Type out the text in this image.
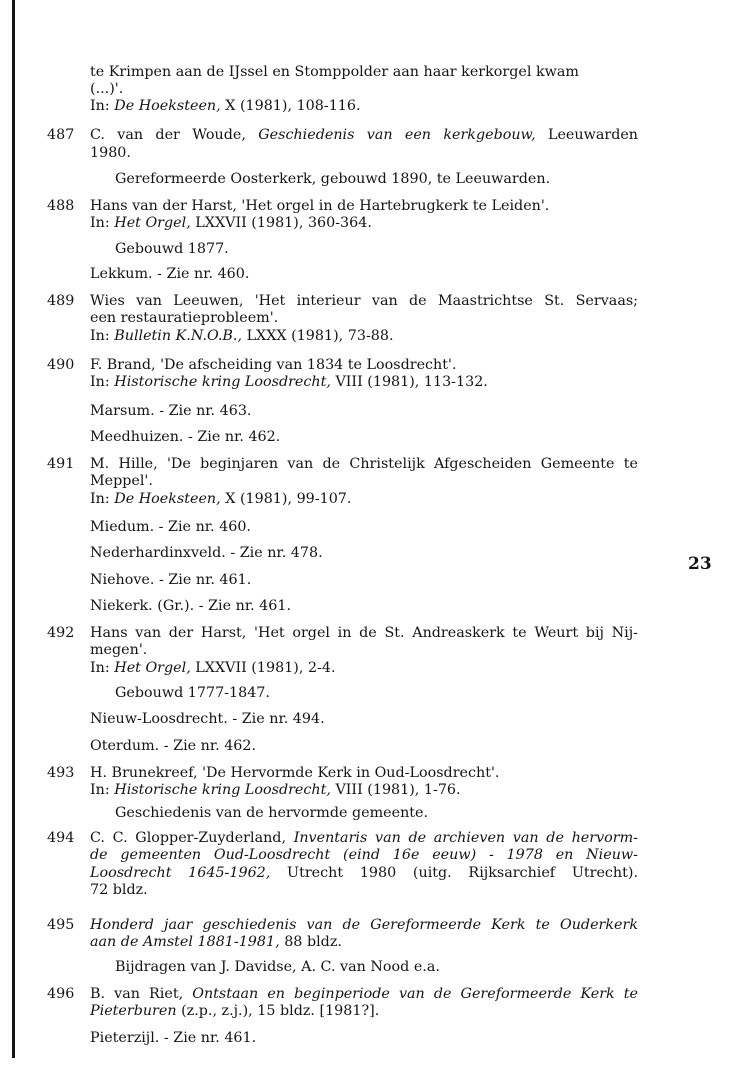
23
te Krimpen aan de IJssel en Stomppolder aan haar kerkorgel kwam
(...)'.
In: De Hoeksteen, X (1981), 108-116.
487 C. van der Woude, Geschiedenis van een kerkgebouw, Leeuwarden
1980.
Gereformeerde Oosterkerk, gebouwd 1890, te Leeuwarden.
488 Hans van der Harst, 'Het orgel in de Hartebrugkerk te Leiden'.
In: Het Orgel, LXXVII (1981), 360-364.
Gebouwd 1877.
Lekkum. - Zie nr. 460.
489 Wies van Leeuwen, 'Het interieur van de Maastrichtse St. Servaas;
een restauratieprobleem'.
In: Bulletin K.N.O.B., LXXX (1981), 73-88.
490 F. Brand, 'De afscheiding van 1834 te Loosdrecht'.
In: Historische kring Loosdrecht, VIII (1981), 113-132.
Marsum. - Zie nr. 463.
Meedhuizen. - Zie nr. 462.
491 M. Hille, 'De beginjaren van de Christelijk Afgescheiden Gemeente te
Meppel'.
In: De Hoeksteen, X (1981), 99-107.
Miedum. - Zie nr. 460.
Nederhardinxveld. - Zie nr. 478.
Niehove. - Zie nr. 461.
Niekerk. (Gr.). - Zie nr. 461.
492 Hans van der Harst, 'Het orgel in de St. Andreaskerk te Weurt bij Nij-
megen'.
In: Het Orgel, LXXVII (1981), 2-4.
Gebouwd 1777-1847.
Nieuw-Loosdrecht. - Zie nr. 494.
Oterdum. - Zie nr. 462.
493 H. Brunekreef, 'De Hervormde Kerk in Oud-Loosdrecht'.
In: Historische kring Loosdrecht, VIII (1981), 1-76.
Geschiedenis van de hervormde gemeente.
494 C. C. Glopper-Zuyderland, Inventaris van de archieven van de hervorm-
de gemeenten Oud-Loosdrecht (eind 16e eeuw) - 1978 en Nieuw-
Loosdrecht 1645-1962, Utrecht 1980 (uitg. Rijksarchief Utrecht).
72 bldz.
495 Honderd jaar geschiedenis van de Gereformeerde Kerk te Ouderkerk
aan de Amstel 1881-1981, 88 bldz.
Bijdragen van J. Davidse, A. C. van Nood e.a.
496 B. van Riet, Ontstaan en beginperiode van de Gereformeerde Kerk te
Pieterburen (z.p., z.j.), 15 bldz. [1981?].
Pieterzijl. - Zie nr. 461.
